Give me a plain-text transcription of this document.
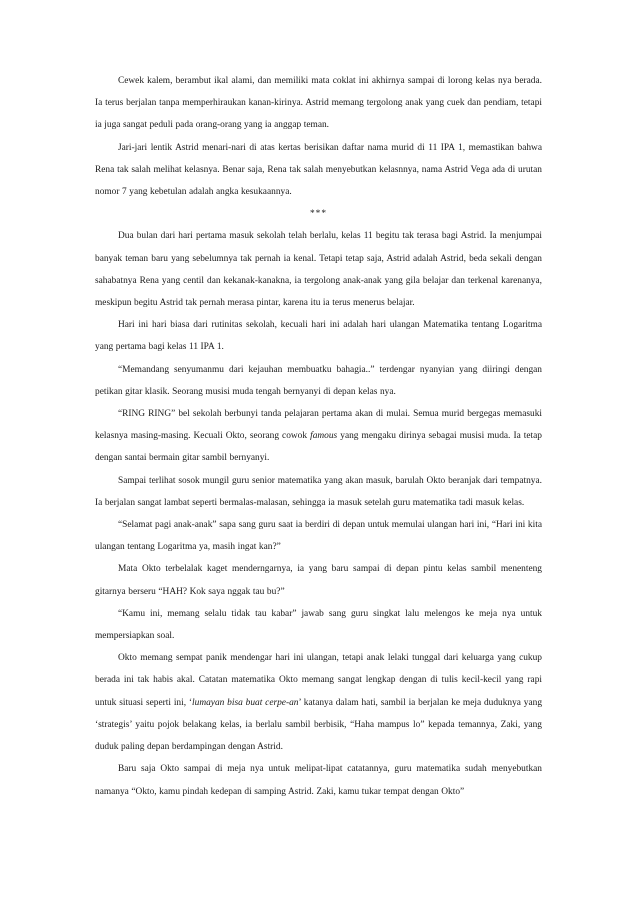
Cewek kalem, berambut ikal alami, dan memiliki mata coklat ini akhirnya sampai di lorong kelas nya berada. Ia terus berjalan tanpa memperhiraukan kanan-kirinya. Astrid memang tergolong anak yang cuek dan pendiam, tetapi ia juga sangat peduli pada orang-orang yang ia anggap teman.

Jari-jari lentik Astrid menari-nari di atas kertas berisikan daftar nama murid di 11 IPA 1, memastikan bahwa Rena tak salah melihat kelasnya. Benar saja, Rena tak salah menyebutkan kelasnnya, nama Astrid Vega ada di urutan nomor 7 yang kebetulan adalah angka kesukaannya.

***

Dua bulan dari hari pertama masuk sekolah telah berlalu, kelas 11 begitu tak terasa bagi Astrid. Ia menjumpai banyak teman baru yang sebelumnya tak pernah ia kenal. Tetapi tetap saja, Astrid adalah Astrid, beda sekali dengan sahabatnya Rena yang centil dan kekanak-kanakna, ia tergolong anak-anak yang gila belajar dan terkenal karenanya, meskipun begitu Astrid tak pernah merasa pintar, karena itu ia terus menerus belajar.

Hari ini hari biasa dari rutinitas sekolah, kecuali hari ini adalah hari ulangan Matematika tentang Logaritma yang pertama bagi kelas 11 IPA 1.

“Memandang senyumanmu dari kejauhan membuatku bahagia..” terdengar nyanyian yang diiringi dengan petikan gitar klasik. Seorang musisi muda tengah bernyanyi di depan kelas nya.

“RING RING” bel sekolah berbunyi tanda pelajaran pertama akan di mulai. Semua murid bergegas memasuki kelasnya masing-masing. Kecuali Okto, seorang cowok famous yang mengaku dirinya sebagai musisi muda. Ia tetap dengan santai bermain gitar sambil bernyanyi.

Sampai terlihat sosok mungil guru senior matematika yang akan masuk, barulah Okto beranjak dari tempatnya. Ia berjalan sangat lambat seperti bermalas-malasan, sehingga ia masuk setelah guru matematika tadi masuk kelas.

“Selamat pagi anak-anak” sapa sang guru saat ia berdiri di depan untuk memulai ulangan hari ini, “Hari ini kita ulangan tentang Logaritma ya, masih ingat kan?”

Mata Okto terbelalak kaget menderngarnya, ia yang baru sampai di depan pintu kelas sambil menenteng gitarnya berseru “HAH? Kok saya nggak tau bu?”

“Kamu ini, memang selalu tidak tau kabar” jawab sang guru singkat lalu melengos ke meja nya untuk mempersiapkan soal.

Okto memang sempat panik mendengar hari ini ulangan, tetapi anak lelaki tunggal dari keluarga yang cukup berada ini tak habis akal. Catatan matematika Okto memang sangat lengkap dengan di tulis kecil-kecil yang rapi untuk situasi seperti ini, ‘lumayan bisa buat cerpe-an’ katanya dalam hati, sambil ia berjalan ke meja duduknya yang ‘strategis’ yaitu pojok belakang kelas, ia berlalu sambil berbisik, “Haha mampus lo” kepada temannya, Zaki, yang duduk paling depan berdampingan dengan Astrid.

Baru saja Okto sampai di meja nya untuk melipat-lipat catatannya, guru matematika sudah menyebutkan namanya “Okto, kamu pindah kedepan di samping Astrid. Zaki, kamu tukar tempat dengan Okto”
